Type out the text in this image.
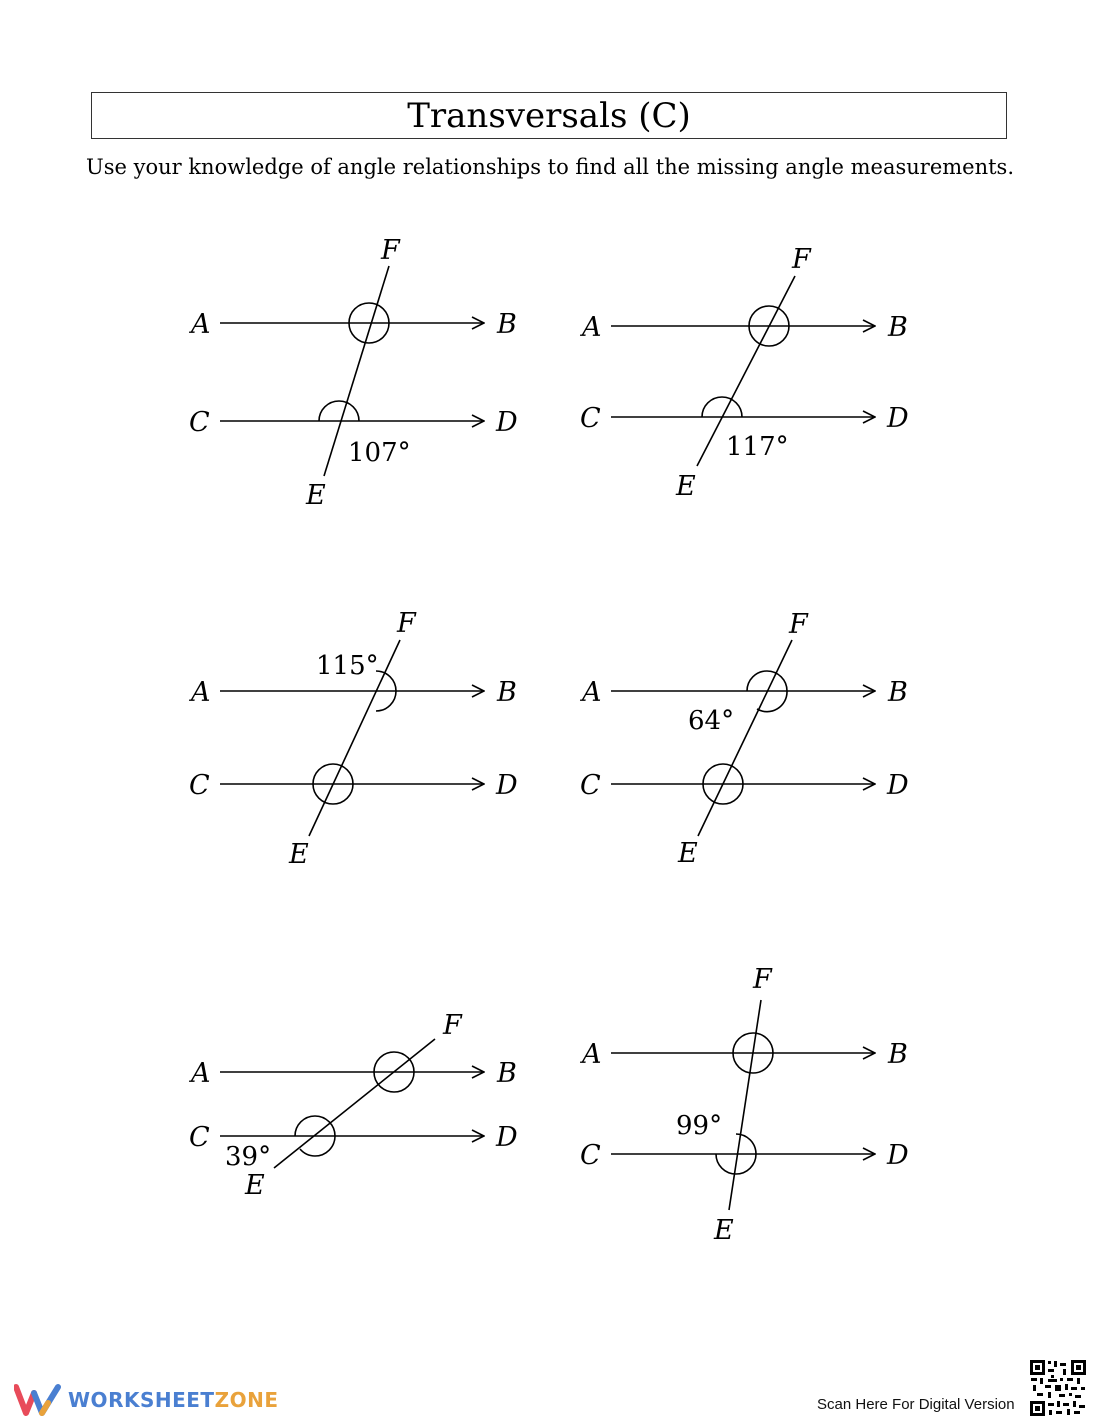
Transversals (C)
Use your knowledge of angle relationships to find all the missing angle measurements.
A	B
C	D
E
F
107°
A	B
C	D
E
F
117°
A	B
C	D
E
F
115°
A	B
C	D
E
F
64°
A	B
C	D
E
F
39°
A	B
C	D
E
F
99°
WORKSHEETZONE	Scan Here For Digital Version
